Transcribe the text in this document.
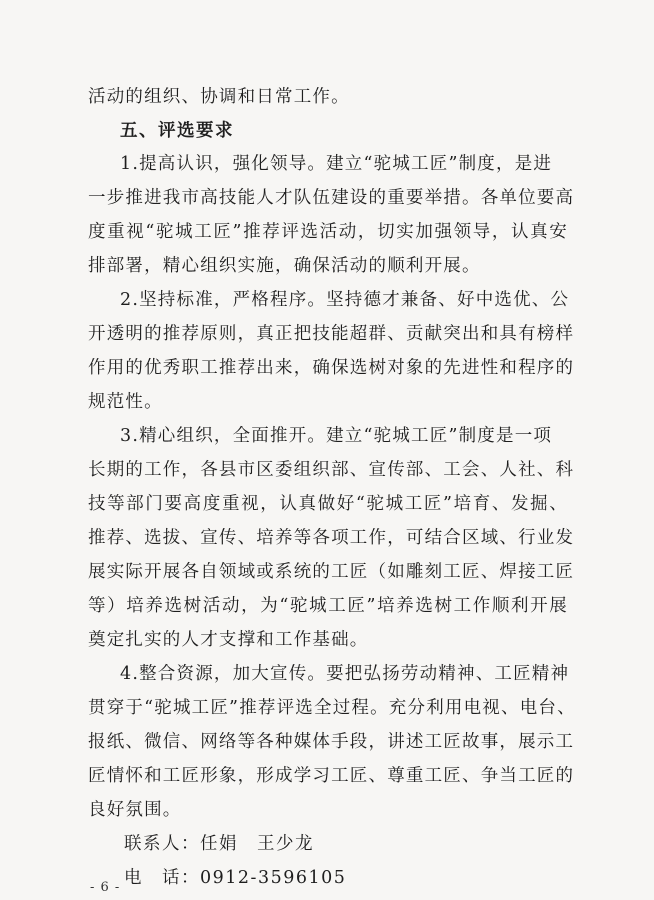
活动的组织、协调和日常工作。
五、评选要求
1.提高认识，强化领导。建立“驼城工匠”制度，是进
一步推进我市高技能人才队伍建设的重要举措。各单位要高
度重视“驼城工匠”推荐评选活动，切实加强领导，认真安
排部署，精心组织实施，确保活动的顺利开展。
2.坚持标准，严格程序。坚持德才兼备、好中选优、公
开透明的推荐原则，真正把技能超群、贡献突出和具有榜样
作用的优秀职工推荐出来，确保选树对象的先进性和程序的
规范性。
3.精心组织，全面推开。建立“驼城工匠”制度是一项
长期的工作，各县市区委组织部、宣传部、工会、人社、科
技等部门要高度重视，认真做好“驼城工匠”培育、发掘、
推荐、选拔、宣传、培养等各项工作，可结合区域、行业发
展实际开展各自领域或系统的工匠（如雕刻工匠、焊接工匠
等）培养选树活动，为“驼城工匠”培养选树工作顺利开展
奠定扎实的人才支撑和工作基础。
4.整合资源，加大宣传。要把弘扬劳动精神、工匠精神
贯穿于“驼城工匠”推荐评选全过程。充分利用电视、电台、
报纸、微信、网络等各种媒体手段，讲述工匠故事，展示工
匠情怀和工匠形象，形成学习工匠、尊重工匠、争当工匠的
良好氛围。
联系人：任娟　王少龙
电　话：0912-3596105
- 6 -
